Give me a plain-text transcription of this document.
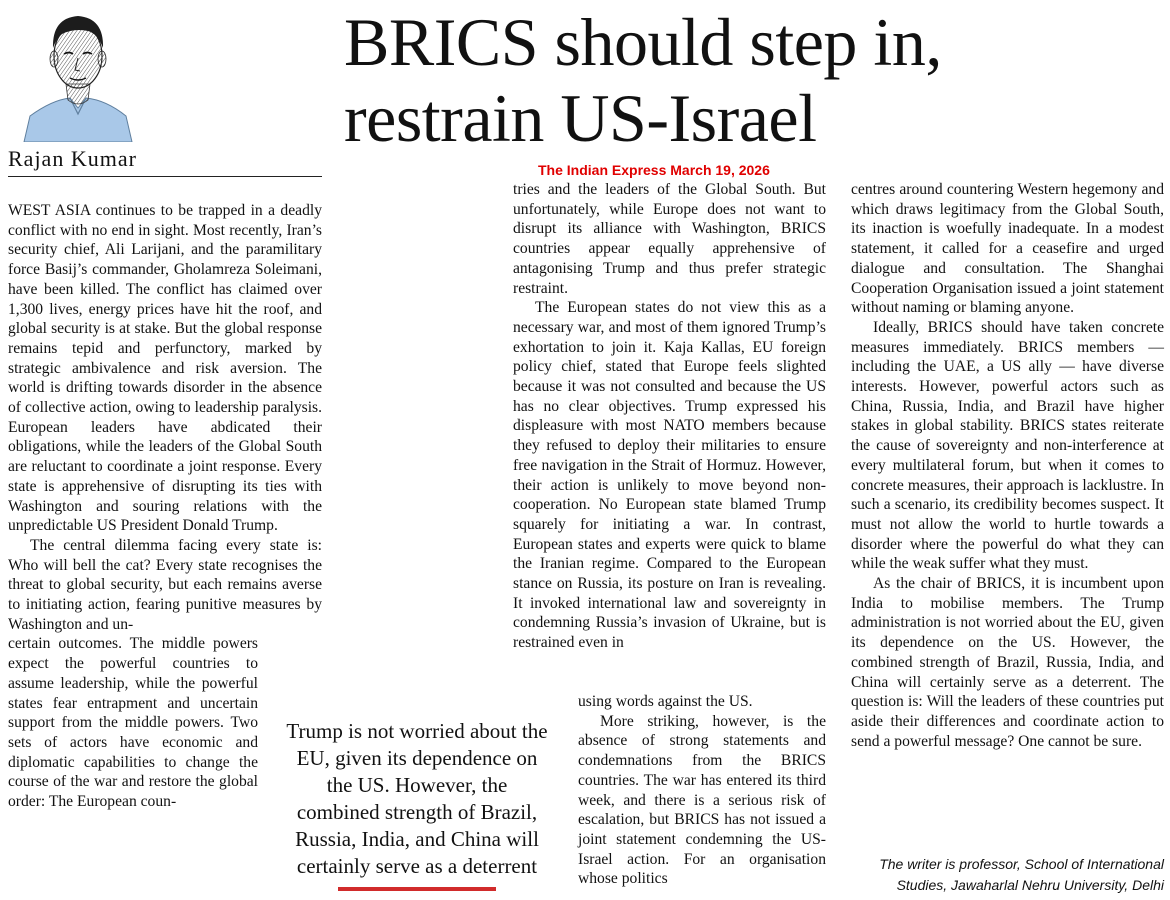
Rajan Kumar
BRICS should step in,
restrain US-Israel
The Indian Express March 19, 2026

WEST ASIA continues to be trapped in a deadly conflict with no end in sight. Most recently, Iran’s security chief, Ali Larijani, and the paramilitary force Basij’s commander, Gholamreza Soleimani, have been killed. The conflict has claimed over 1,300 lives, energy prices have hit the roof, and global security is at stake. But the global response remains tepid and perfunctory, marked by strategic ambivalence and risk aversion. The world is drifting towards disorder in the absence of collective action, owing to leadership paralysis. European leaders have abdicated their obligations, while the leaders of the Global South are reluctant to coordinate a joint response. Every state is apprehensive of disrupting its ties with Washington and souring relations with the unpredictable US President Donald Trump.

The central dilemma facing every state is: Who will bell the cat? Every state recognises the threat to global security, but each remains averse to initiating action, fearing punitive measures by Washington and un-

certain outcomes. The middle powers expect the powerful countries to assume leadership, while the powerful states fear entrapment and uncertain support from the middle powers. Two sets of actors have economic and diplomatic capabilities to change the course of the war and restore the global order: The European coun-

tries and the leaders of the Global South. But unfortunately, while Europe does not want to disrupt its alliance with Washington, BRICS countries appear equally apprehensive of antagonising Trump and thus prefer strategic restraint.

The European states do not view this as a necessary war, and most of them ignored Trump’s exhortation to join it. Kaja Kallas, EU foreign policy chief, stated that Europe feels slighted because it was not consulted and because the US has no clear objectives. Trump expressed his displeasure with most NATO members because they refused to deploy their militaries to ensure free navigation in the Strait of Hormuz. However, their action is unlikely to move beyond non-cooperation. No European state blamed Trump squarely for initiating a war. In contrast, European states and experts were quick to blame the Iranian regime. Compared to the European stance on Russia, its posture on Iran is revealing. It invoked international law and sovereignty in condemning Russia’s invasion of Ukraine, but is restrained even in

using words against the US.

More striking, however, is the absence of strong statements and condemnations from the BRICS countries. The war has entered its third week, and there is a serious risk of escalation, but BRICS has not issued a joint statement condemning the US-Israel action. For an organisation whose politics

centres around countering Western hegemony and which draws legitimacy from the Global South, its inaction is woefully inadequate. In a modest statement, it called for a ceasefire and urged dialogue and consultation. The Shanghai Cooperation Organisation issued a joint statement without naming or blaming anyone.

Ideally, BRICS should have taken concrete measures immediately. BRICS members — including the UAE, a US ally — have diverse interests. However, powerful actors such as China, Russia, India, and Brazil have higher stakes in global stability. BRICS states reiterate the cause of sovereignty and non-interference at every multilateral forum, but when it comes to concrete measures, their approach is lacklustre. In such a scenario, its credibility becomes suspect. It must not allow the world to hurtle towards a disorder where the powerful do what they can while the weak suffer what they must.

As the chair of BRICS, it is incumbent upon India to mobilise members. The Trump administration is not worried about the EU, given its dependence on the US. However, the combined strength of Brazil, Russia, India, and China will certainly serve as a deterrent. The question is: Will the leaders of these countries put aside their differences and coordinate action to send a powerful message? One cannot be sure.

Trump is not worried about the EU, given its dependence on the US. However, the combined strength of Brazil, Russia, India, and China will certainly serve as a deterrent	The writer is professor, School of International
Studies, Jawaharlal Nehru University, Delhi
